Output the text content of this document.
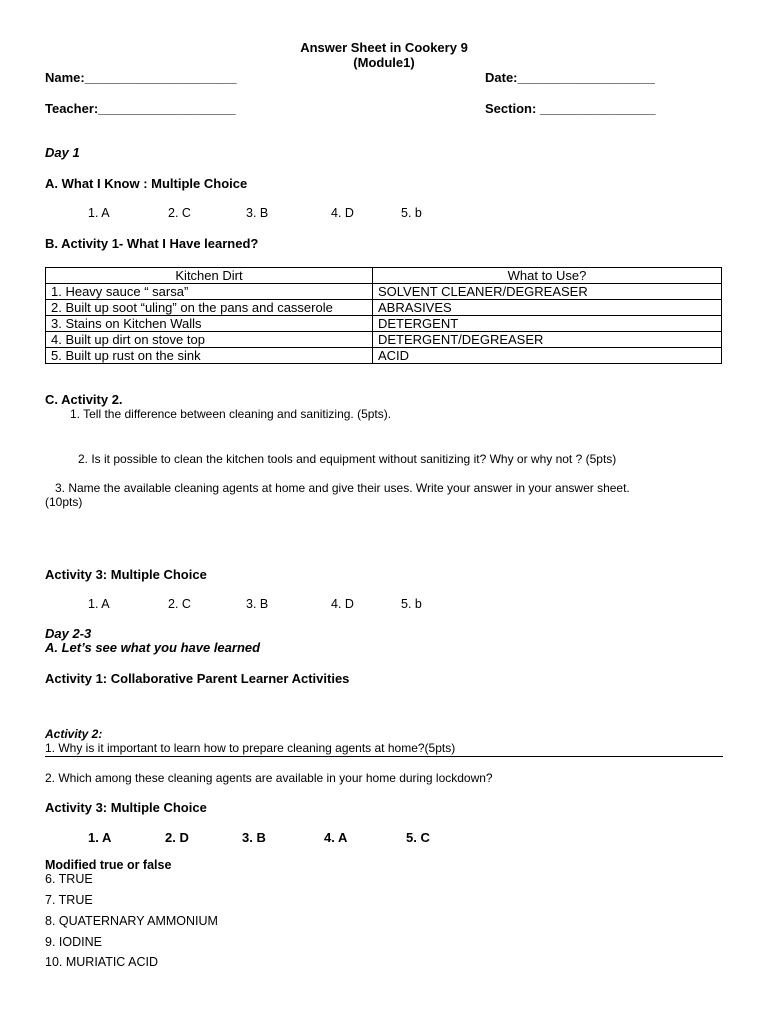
Answer Sheet in Cookery 9
(Module1)
Name:_____________________	Date:___________________
Teacher:___________________	Section: ________________
Day 1
A. What I Know : Multiple Choice
1. A	2. C	3. B	4. D	5. b
B. Activity 1- What I Have learned?
Kitchen Dirt	What to Use?
1. Heavy sauce “ sarsa”	SOLVENT CLEANER/DEGREASER
2. Built up soot “uling” on the pans and casserole	ABRASIVES
3. Stains on Kitchen Walls	DETERGENT
4. Built up dirt on stove top	DETERGENT/DEGREASER
5. Built up rust on the sink	ACID
C. Activity 2.
1. Tell the difference between cleaning and sanitizing. (5pts).
2. Is it possible to clean the kitchen tools and equipment without sanitizing it? Why or why not ? (5pts)
3. Name the available cleaning agents at home and give their uses. Write your answer in your answer sheet.
(10pts)
Activity 3: Multiple Choice
1. A	2. C	3. B	4. D	5. b
Day 2-3
A. Let’s see what you have learned
Activity 1: Collaborative Parent Learner Activities
Activity 2:
1. Why is it important to learn how to prepare cleaning agents at home?(5pts)
2. Which among these cleaning agents are available in your home during lockdown?
Activity 3: Multiple Choice
1. A	2. D	3. B	4. A	5. C
Modified true or false
6. TRUE
7. TRUE
8. QUATERNARY AMMONIUM
9. IODINE
10. MURIATIC ACID
